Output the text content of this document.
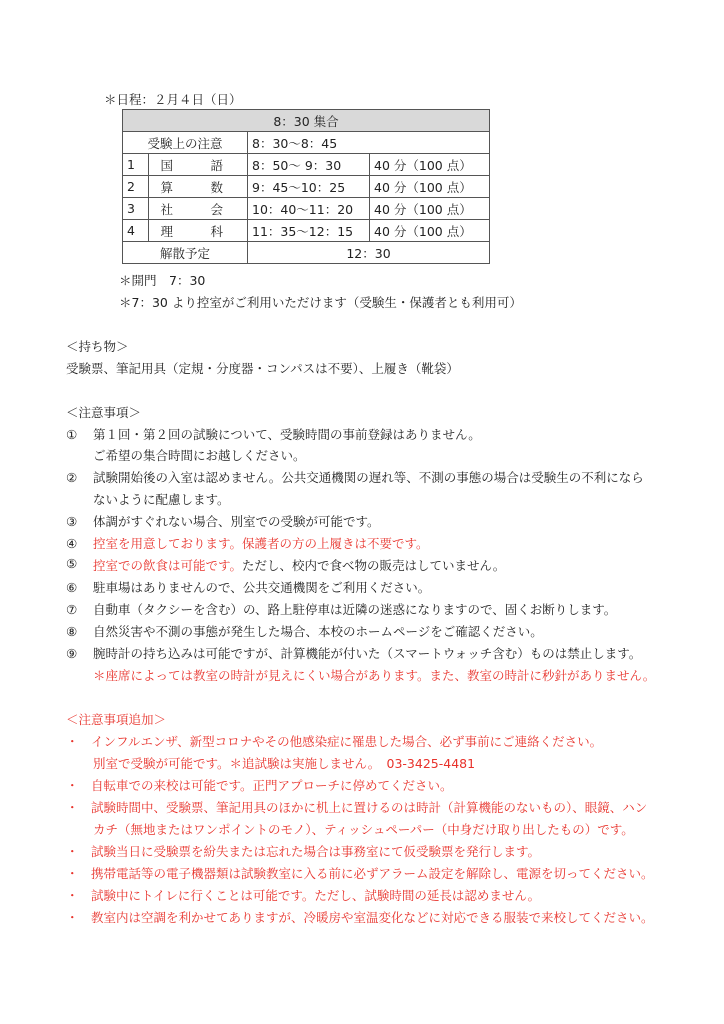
＊日程：２月４日（日）
8：30 集合			
受験上の注意		8：30〜8：45	
1	国　語	8：50〜 9：30	40 分（100 点）
2	算　数	9：45〜10：25	40 分（100 点）
3	社　会	10：40〜11：20	40 分（100 点）
4	理　科	11：35〜12：15	40 分（100 点）
解散予定		12：30	
＊開門　7：30
＊7：30 より控室がご利用いただけます（受験生・保護者とも利用可）
＜持ち物＞
受験票、筆記用具（定規・分度器・コンパスは不要）、上履き（靴袋）
＜注意事項＞
① 第１回・第２回の試験について、受験時間の事前登録はありません。
ご希望の集合時間にお越しください。
② 試験開始後の入室は認めません。公共交通機関の遅れ等、不測の事態の場合は受験生の不利になら
ないように配慮します。
③ 体調がすぐれない場合、別室での受験が可能です。
④ 控室を用意しております。保護者の方の上履きは不要です。
⑤	控室での飲食は可能です。ただし、校内で食べ物の販売はしていません。
⑥ 駐車場はありませんので、公共交通機関をご利用ください。
⑦ 自動車（タクシーを含む）の、路上駐停車は近隣の迷惑になりますので、固くお断りします。
⑧ 自然災害や不測の事態が発生した場合、本校のホームページをご確認ください。
⑨ 腕時計の持ち込みは可能ですが、計算機能が付いた（スマートウォッチ含む）ものは禁止します。
＊座席によっては教室の時計が見えにくい場合があります。また、教室の時計に秒針がありません。
＜注意事項追加＞
・ インフルエンザ、新型コロナやその他感染症に罹患した場合、必ず事前にご連絡ください。
別室で受験が可能です。＊追試験は実施しません。　03-3425-4481
・ 自転車での来校は可能です。正門アプローチに停めてください。
・ 試験時間中、受験票、筆記用具のほかに机上に置けるのは時計（計算機能のないもの）、眼鏡、ハン
カチ（無地またはワンポイントのモノ）、ティッシュペーパー（中身だけ取り出したもの）です。
・ 試験当日に受験票を紛失または忘れた場合は事務室にて仮受験票を発行します。
・ 携帯電話等の電子機器類は試験教室に入る前に必ずアラーム設定を解除し、電源を切ってください。
・ 試験中にトイレに行くことは可能です。ただし、試験時間の延長は認めません。
・ 教室内は空調を利かせてありますが、冷暖房や室温変化などに対応できる服装で来校してください。
